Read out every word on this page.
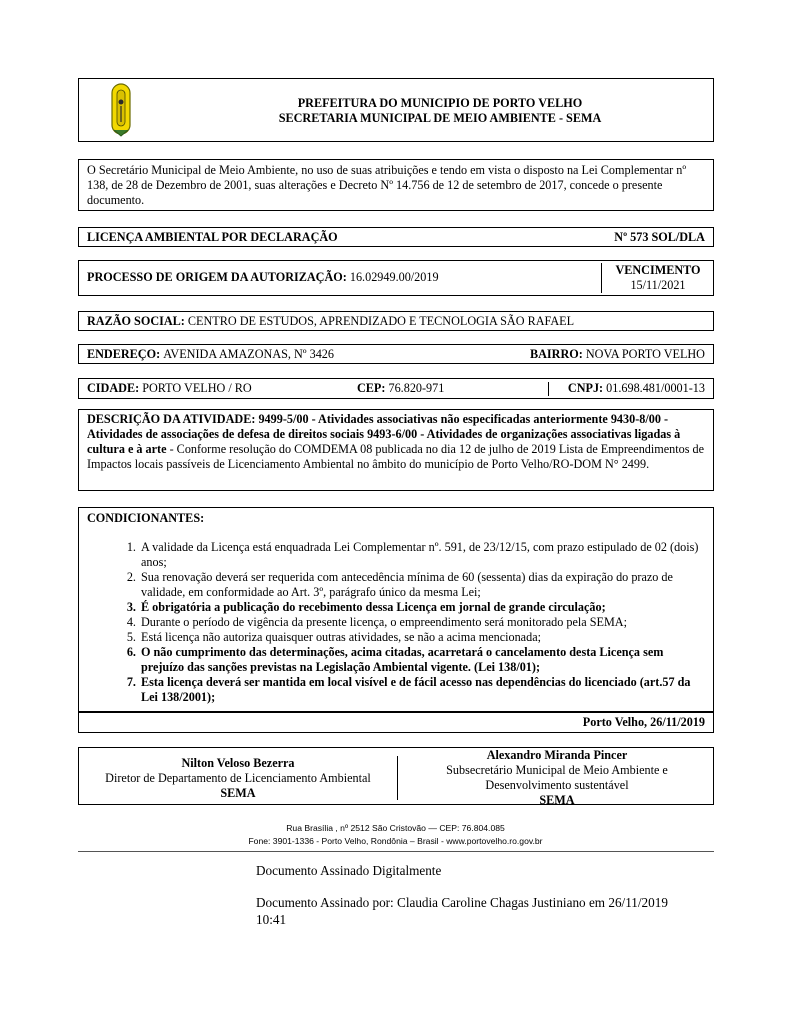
PREFEITURA DO MUNICIPIO DE PORTO VELHO
SECRETARIA MUNICIPAL DE MEIO AMBIENTE - SEMA
O Secretário Municipal de Meio Ambiente, no uso de suas atribuições e tendo em vista o disposto na Lei Complementar nº 138, de 28 de Dezembro de 2001, suas alterações e Decreto Nº 14.756 de 12 de setembro de 2017, concede o presente documento.
LICENÇA AMBIENTAL POR DECLARAÇÃO	Nº 573 SOL/DLA
PROCESSO DE ORIGEM DA AUTORIZAÇÃO: 16.02949.00/2019	VENCIMENTO
15/11/2021
RAZÃO SOCIAL:
CENTRO DE ESTUDOS, APRENDIZADO E TECNOLOGIA SÃO RAFAEL
ENDEREÇO: AVENIDA AMAZONAS, Nº 3426	BAIRRO: NOVA PORTO VELHO
CIDADE: PORTO VELHO / RO	CEP: 76.820-971	CNPJ: 01.698.481/0001-13
DESCRIÇÃO DA ATIVIDADE: 9499-5/00 - Atividades associativas não especificadas anteriormente 9430-8/00 - Atividades de associações de defesa de direitos sociais 9493-6/00 - Atividades de organizações associativas ligadas à cultura e à arte - Conforme resolução do COMDEMA 08 publicada no dia 12 de julho de 2019 Lista de Empreendimentos de Impactos locais passíveis de Licenciamento Ambiental no âmbito do município de Porto Velho/RO-DOM N° 2499.
CONDICIONANTES:
1. A validade da Licença está enquadrada Lei Complementar nº. 591, de 23/12/15, com prazo estipulado de 02 (dois) anos;
2. Sua renovação deverá ser requerida com antecedência mínima de 60 (sessenta) dias da expiração do prazo de validade, em conformidade ao Art. 3º, parágrafo único da mesma Lei;
3. É obrigatória a publicação do recebimento dessa Licença em jornal de grande circulação;
4. Durante o período de vigência da presente licença, o empreendimento será monitorado pela SEMA;
5. Está licença não autoriza quaisquer outras atividades, se não a acima mencionada;
6. O não cumprimento das determinações, acima citadas, acarretará o cancelamento desta Licença sem prejuízo das sanções previstas na Legislação Ambiental vigente. (Lei 138/01);
7. Esta licença deverá ser mantida em local visível e de fácil acesso nas dependências do licenciado (art.57 da Lei 138/2001);
Porto Velho, 26/11/2019
Nilton Veloso Bezerra
Diretor de Departamento de Licenciamento Ambiental
SEMA
Alexandro Miranda Pincer
Subsecretário Municipal de Meio Ambiente e
Desenvolvimento sustentável
SEMA
Rua Brasília , nº 2512 São Cristovão — CEP: 76.804.085
Fone: 3901-1336 - Porto Velho, Rondônia – Brasil - www.portovelho.ro.gov.br
Documento Assinado Digitalmente
Documento Assinado por: Claudia Caroline Chagas Justiniano em 26/11/2019 10:41
